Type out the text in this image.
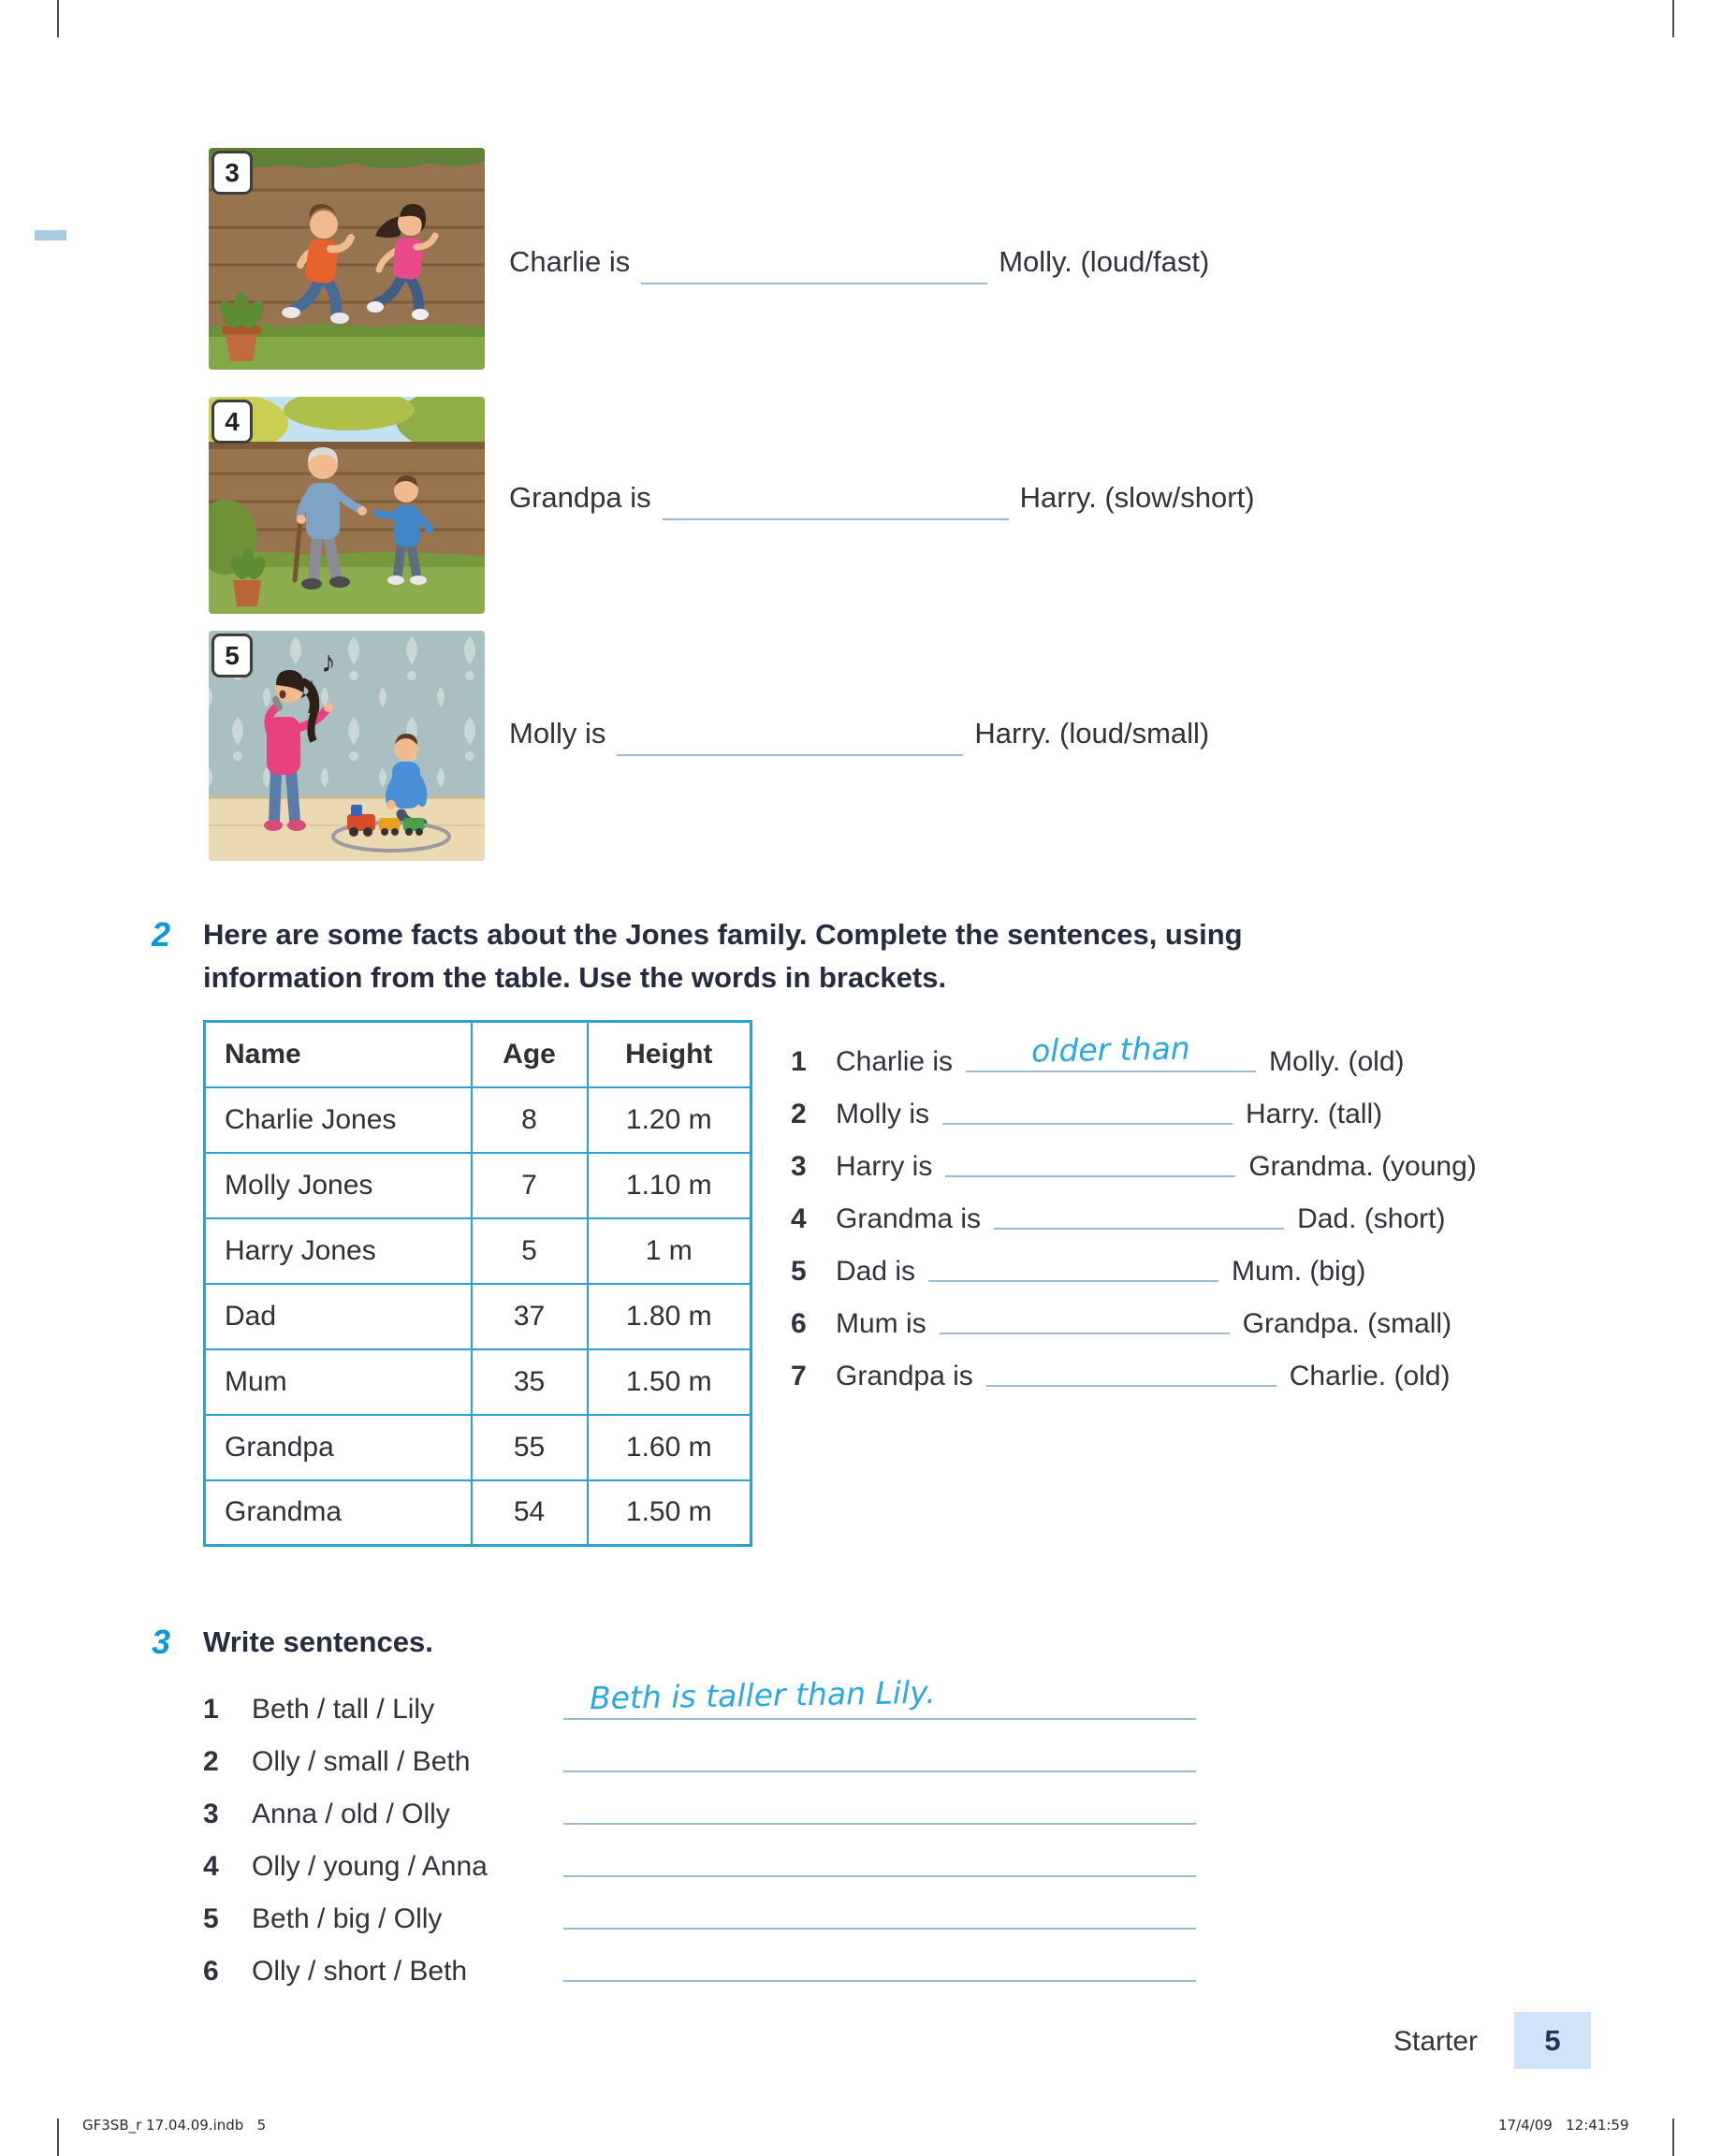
3
Charlie is	Molly. (loud/fast)
4
Grandpa is	Harry. (slow/short)
♪
5
Molly is	Harry. (loud/small)
2	Here are some facts about the Jones family. Complete the sentences, using
information from the table. Use the words in brackets.
Name	Age	Height
Charlie Jones	8	1.20 m
Molly Jones	7	1.10 m
Harry Jones	5	1 m
Dad	37	1.80 m
Mum	35	1.50 m
Grandpa	55	1.60 m
Grandma	54	1.50 m
1	Charlie is	older than	Molly. (old)
2	Molly is	Harry. (tall)
3	Harry is	Grandma. (young)
4	Grandma is	Dad. (short)
5	Dad is	Mum. (big)
6	Mum is	Grandpa. (small)
7	Grandpa is	Charlie. (old)
3	Write sentences.
1	Beth / tall / Lily	Beth is taller than Lily.
2	Olly / small / Beth
3	Anna / old / Olly
4	Olly / young / Anna
5	Beth / big / Olly
6	Olly / short / Beth
Starter 5
GF3SB_r 17.04.09.indb   5	17/4/09   12:41:59
